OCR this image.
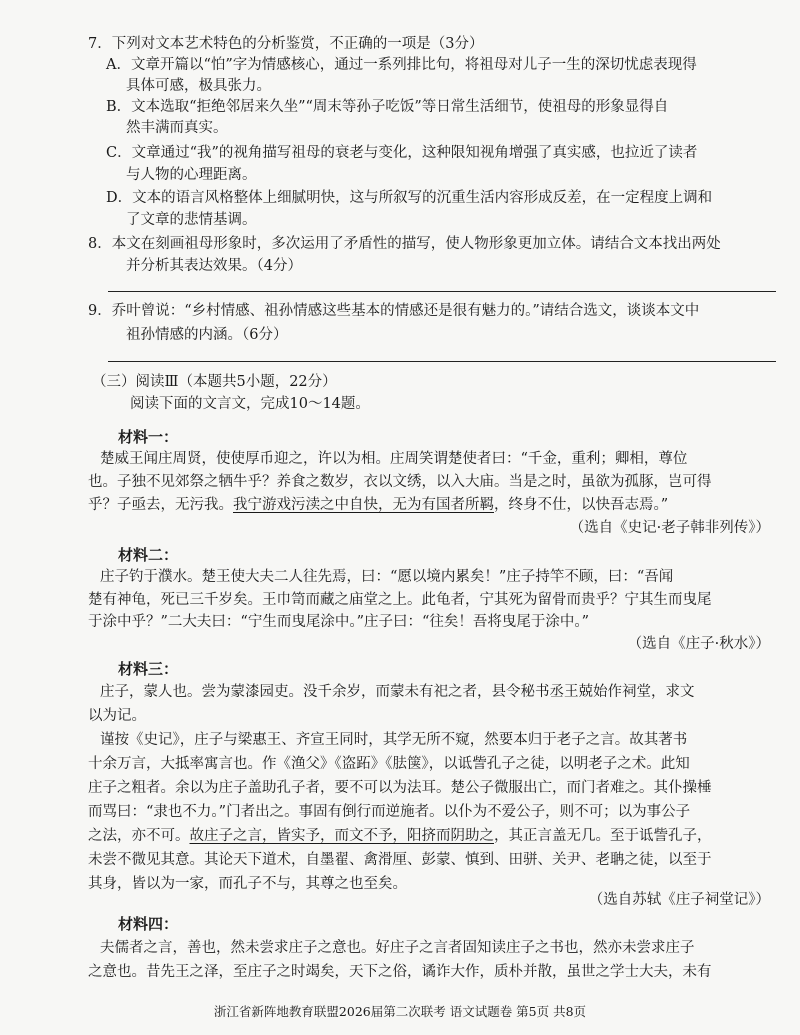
7．下列对文本艺术特色的分析鉴赏，不正确的一项是（3分）
A．文章开篇以“怕”字为情感核心，通过一系列排比句，将祖母对儿子一生的深切忧虑表现得
具体可感，极具张力。
B．文本选取“拒绝邻居来久坐”“周末等孙子吃饭”等日常生活细节，使祖母的形象显得自
然丰满而真实。
C．文章通过“我”的视角描写祖母的衰老与变化，这种限知视角增强了真实感，也拉近了读者
与人物的心理距离。
D．文本的语言风格整体上细腻明快，这与所叙写的沉重生活内容形成反差，在一定程度上调和
了文章的悲情基调。
8．本文在刻画祖母形象时，多次运用了矛盾性的描写，使人物形象更加立体。请结合文本找出两处
并分析其表达效果。（4分）
9．乔叶曾说：“乡村情感、祖孙情感这些基本的情感还是很有魅力的。”请结合选文，谈谈本文中
祖孙情感的内涵。（6分）
（三）阅读Ⅲ（本题共5小题，22分）
阅读下面的文言文，完成10～14题。
材料一：
楚威王闻庄周贤，使使厚币迎之，许以为相。庄周笑谓楚使者曰：“千金，重利；卿相，尊位
也。子独不见郊祭之牺牛乎？养食之数岁，衣以文绣，以入大庙。当是之时，虽欲为孤豚，岂可得
乎？子亟去，无污我。我宁游戏污渎之中自快，无为有国者所羁，终身不仕，以快吾志焉。”
（选自《史记·老子韩非列传》）
材料二：
庄子钓于濮水。楚王使大夫二人往先焉，曰：“愿以境内累矣！”庄子持竿不顾，曰：“吾闻
楚有神龟，死已三千岁矣。王巾笥而藏之庙堂之上。此龟者，宁其死为留骨而贵乎？宁其生而曳尾
于涂中乎？”二大夫曰：“宁生而曳尾涂中。”庄子曰：“往矣！吾将曳尾于涂中。”
（选自《庄子·秋水》）
材料三：
庄子，蒙人也。尝为蒙漆园吏。没千余岁，而蒙未有祀之者，县令秘书丞王兢始作祠堂，求文
以为记。
谨按《史记》，庄子与梁惠王、齐宣王同时，其学无所不窥，然要本归于老子之言。故其著书
十余万言，大抵率寓言也。作《渔父》《盗跖》《胠箧》，以诋訾孔子之徒，以明老子之术。此知
庄子之粗者。余以为庄子盖助孔子者，要不可以为法耳。楚公子微服出亡，而门者难之。其仆操棰
而骂曰：“隶也不力。”门者出之。事固有倒行而逆施者。以仆为不爱公子，则不可；以为事公子
之法，亦不可。故庄子之言，皆实予，而文不予，阳挤而阴助之，其正言盖无几。至于诋訾孔子，
未尝不微见其意。其论天下道术，自墨翟、禽滑厘、彭蒙、慎到、田骈、关尹、老聃之徒，以至于
其身，皆以为一家，而孔子不与，其尊之也至矣。
（选自苏轼《庄子祠堂记》）
材料四：
夫儒者之言，善也，然未尝求庄子之意也。好庄子之言者固知读庄子之书也，然亦未尝求庄子
之意也。昔先王之泽，至庄子之时竭矣，天下之俗，谲诈大作，质朴并散，虽世之学士大夫，未有
浙江省新阵地教育联盟2026届第二次联考 语文试题卷 第5页 共8页
